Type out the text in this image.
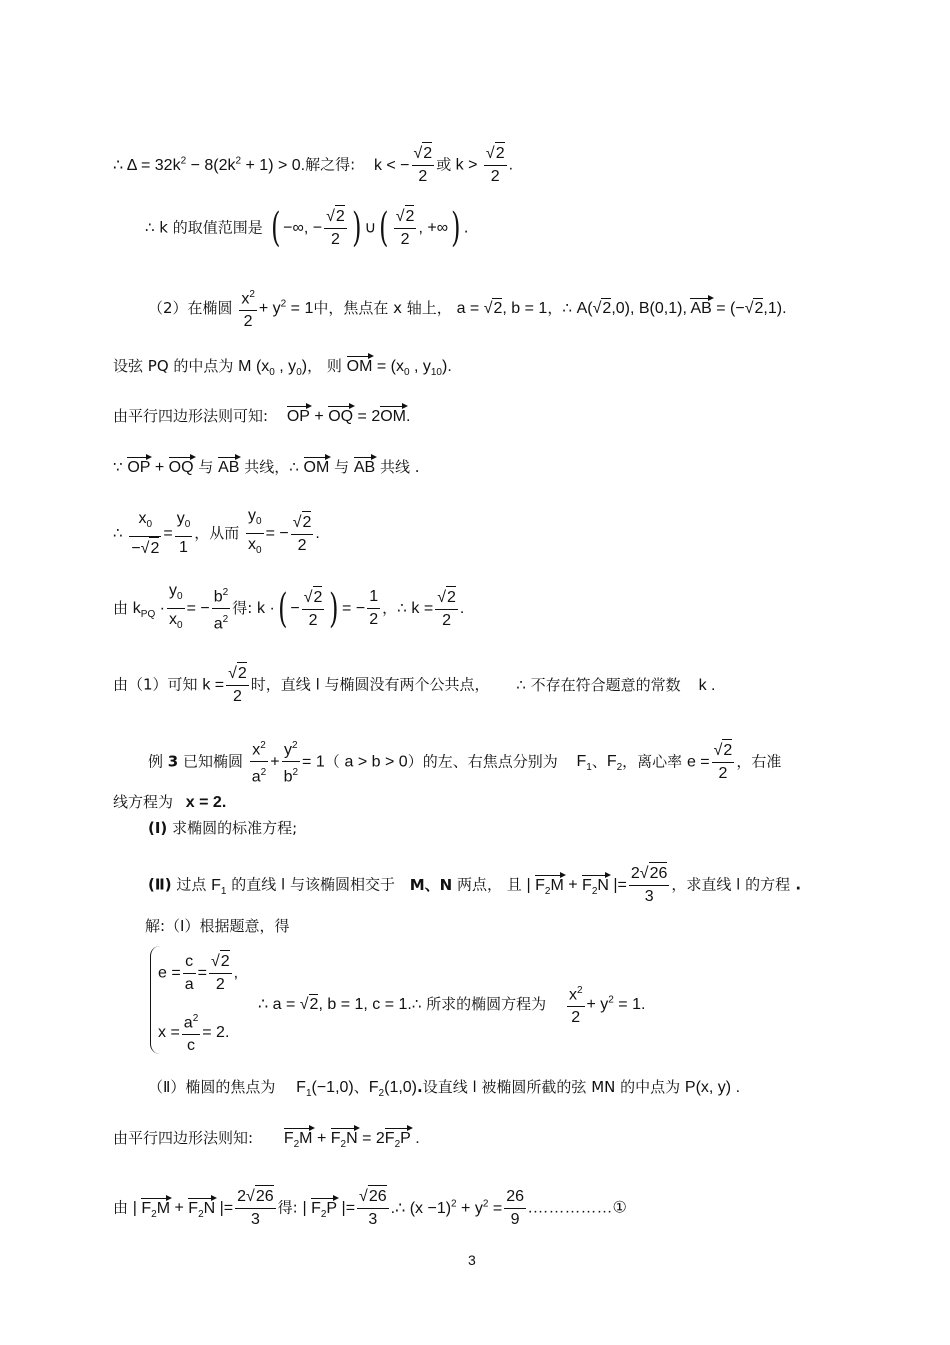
∴ $\Delta = 32k^2 - 8(2k^2 + 1) > 0$.解之得: k < − $\frac{√2}{2}$ 或 $k > \frac{√2}{2}$ .
∴ k 的取值范围是 ( −∞, − $\frac{√2}{2}$ ) ∪( $\frac{√2}{2}$ , +∞) .
（2）在椭圆 $\frac{x^2}{2} + y^2 = 1$中，焦点在 x 轴上， a = √2, b = 1，∴ A(√2,0), B(0,1), AB = (−√2,1).
设弦 PQ 的中点为 M ($x_0$ , $y_0$)， 则 OM = ($x_0$ , $y_{10}$).
由平行四边形法则可知: OP + OQ = 2OM.
∵ OP + OQ 与 AB 共线，∴ OM 与 AB 共线 .
∴ $\frac{x_0}{-√2} = \frac{y_0}{1}$ ，从而 $\frac{y_0}{x_0}$ = − $\frac{√2}{2}$ .
由 $k_{PQ} \cdot \frac{y_0}{x_0}$ = − $\frac{b^2}{a^2}$ 得: k ·( − $\frac{√2}{2}$ ) = − $\frac{1}{2}$ ，∴ $k = \frac{√2}{2}$ .
由（1）可知 $k = \frac{√2}{2}$ 时，直线 l 与椭圆没有两个公共点， ∴ 不存在符合题意的常数 k .
例 3 已知椭圆 $\frac{x^2}{a^2} + \frac{y^2}{b^2} = 1$（ a > b > 0）的左、右焦点分别为 $F_1$、$F_2$，离心率 $e = \frac{√2}{2}$ ，右准
线方程为 x = 2.
(Ⅰ) 求椭圆的标准方程;
(Ⅱ) 过点 $F_1$ 的直线 l 与该椭圆相交于 M、N 两点， 且 | $F_2M + F_2N$ |= $\frac{2√26}{3}$ ，求直线 l 的方程 .
解:（Ⅰ）根据题意，得
$e = \frac{c}{a} = \frac{√2}{2}$ ,
$x = \frac{a^2}{c} = 2$.
∴ a = √2, b = 1, c = 1.∴ 所求的椭圆方程为 $\frac{x^2}{2} + y^2 = 1$.
（Ⅱ）椭圆的焦点为 $F_1(-1,0)$、$F_2(1,0)$.设直线 l 被椭圆所截的弦 MN 的中点为 P(x, y) .
由平行四边形法则知: $F_2M + F_2N = 2F_2P$ .
由 | $F_2M + F_2N$ |= $\frac{2√26}{3}$ 得: | $F_2P$ |= $\frac{√26}{3}$ .∴ $(x -1)^2 + y^2 = \frac{26}{9}$ .……………①
3
